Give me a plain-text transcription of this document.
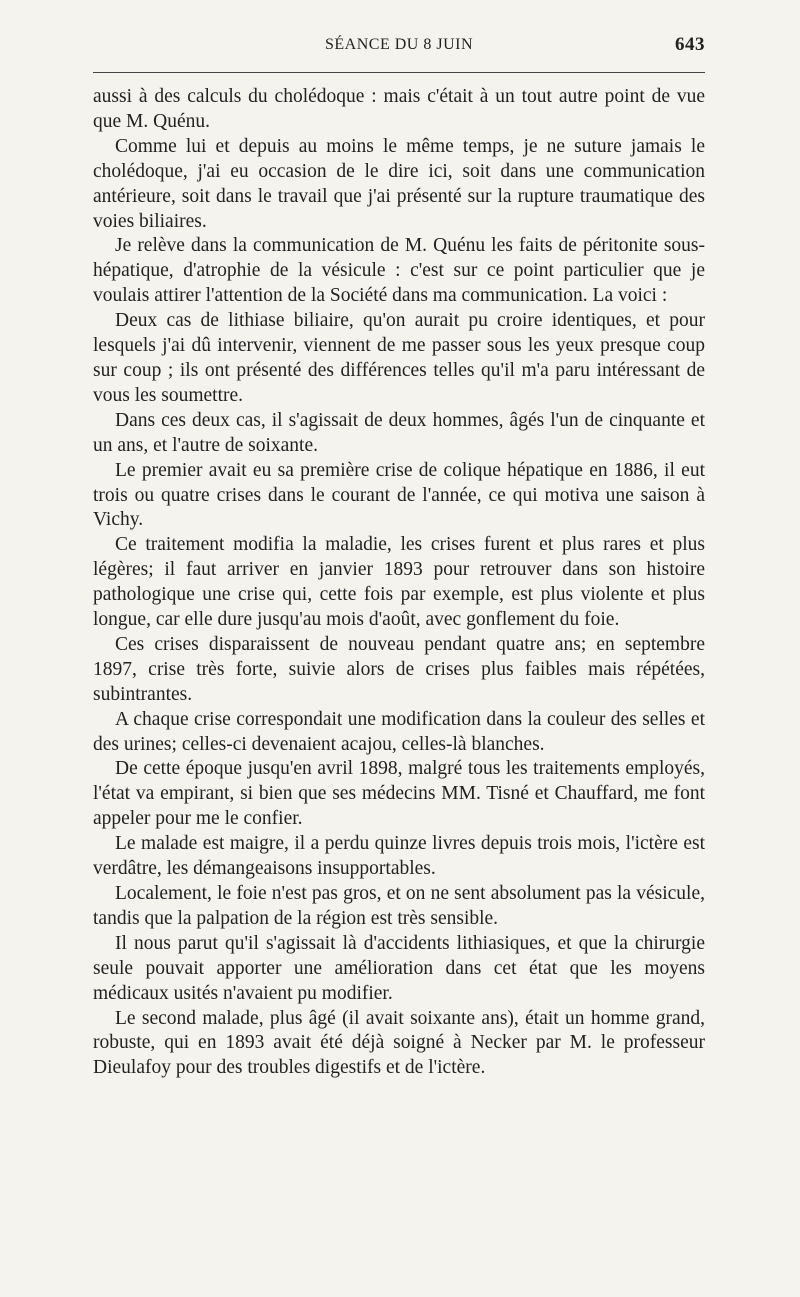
SÉANCE DU 8 JUIN	643

aussi à des calculs du cholédoque : mais c'était à un tout autre point de vue que M. Quénu.

Comme lui et depuis au moins le même temps, je ne suture jamais le cholédoque, j'ai eu occasion de le dire ici, soit dans une communication antérieure, soit dans le travail que j'ai présenté sur la rupture traumatique des voies biliaires.

Je relève dans la communication de M. Quénu les faits de péritonite sous-hépatique, d'atrophie de la vésicule : c'est sur ce point particulier que je voulais attirer l'attention de la Société dans ma communication. La voici :

Deux cas de lithiase biliaire, qu'on aurait pu croire identiques, et pour lesquels j'ai dû intervenir, viennent de me passer sous les yeux presque coup sur coup ; ils ont présenté des différences telles qu'il m'a paru intéressant de vous les soumettre.

Dans ces deux cas, il s'agissait de deux hommes, âgés l'un de cinquante et un ans, et l'autre de soixante.

Le premier avait eu sa première crise de colique hépatique en 1886, il eut trois ou quatre crises dans le courant de l'année, ce qui motiva une saison à Vichy.

Ce traitement modifia la maladie, les crises furent et plus rares et plus légères; il faut arriver en janvier 1893 pour retrouver dans son histoire pathologique une crise qui, cette fois par exemple, est plus violente et plus longue, car elle dure jusqu'au mois d'août, avec gonflement du foie.

Ces crises disparaissent de nouveau pendant quatre ans; en septembre 1897, crise très forte, suivie alors de crises plus faibles mais répétées, subintrantes.

A chaque crise correspondait une modification dans la couleur des selles et des urines; celles-ci devenaient acajou, celles-là blanches.

De cette époque jusqu'en avril 1898, malgré tous les traitements employés, l'état va empirant, si bien que ses médecins MM. Tisné et Chauffard, me font appeler pour me le confier.

Le malade est maigre, il a perdu quinze livres depuis trois mois, l'ictère est verdâtre, les démangeaisons insupportables.

Localement, le foie n'est pas gros, et on ne sent absolument pas la vésicule, tandis que la palpation de la région est très sensible.

Il nous parut qu'il s'agissait là d'accidents lithiasiques, et que la chirurgie seule pouvait apporter une amélioration dans cet état que les moyens médicaux usités n'avaient pu modifier.

Le second malade, plus âgé (il avait soixante ans), était un homme grand, robuste, qui en 1893 avait été déjà soigné à Necker par M. le professeur Dieulafoy pour des troubles digestifs et de l'ictère.
